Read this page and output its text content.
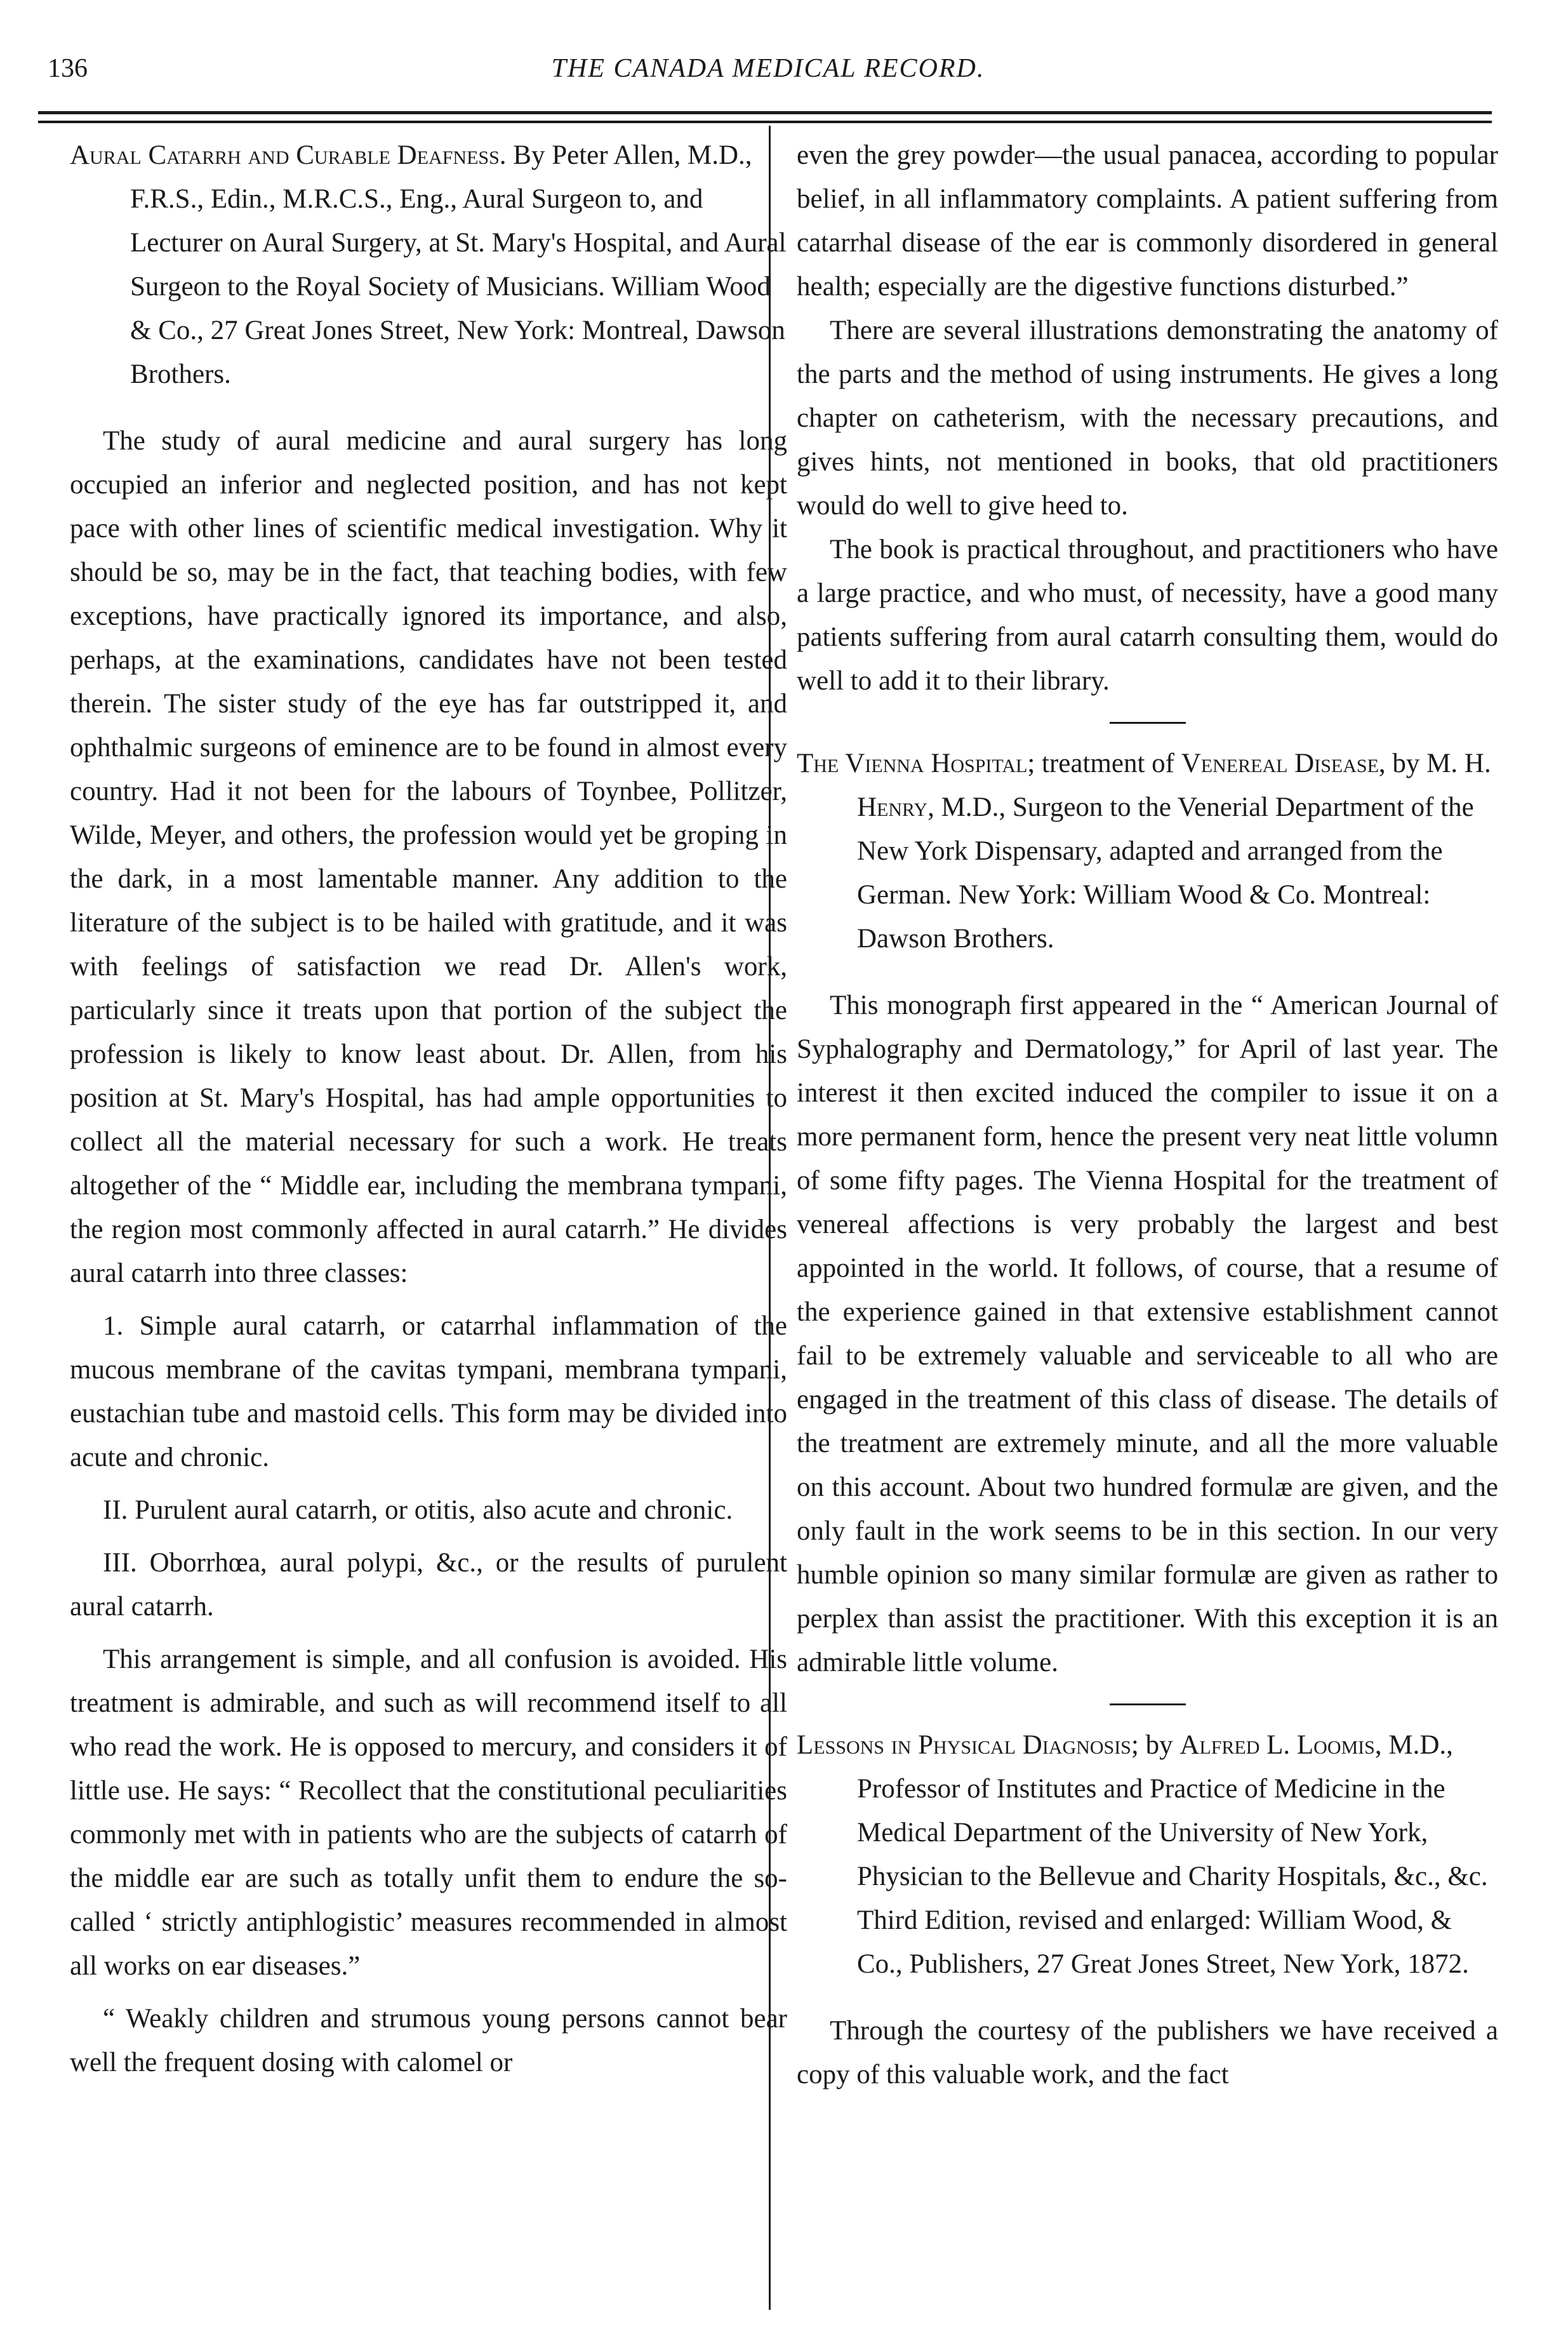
136	THE CANADA MEDICAL RECORD.

Aural Catarrh and Curable Deafness. By Peter Allen, M.D., F.R.S., Edin., M.R.C.S., Eng., Aural Surgeon to, and Lecturer on Aural Surgery, at St. Mary's Hospital, and Aural Surgeon to the Royal Society of Musicians. William Wood & Co., 27 Great Jones Street, New York: Montreal, Dawson Brothers.

The study of aural medicine and aural surgery has long occupied an inferior and neglected position, and has not kept pace with other lines of scientific medical investigation. Why it should be so, may be in the fact, that teaching bodies, with few exceptions, have practically ignored its importance, and also, perhaps, at the examinations, candidates have not been tested therein. The sister study of the eye has far outstripped it, and ophthalmic surgeons of eminence are to be found in almost every country. Had it not been for the labours of Toynbee, Pollitzer, Wilde, Meyer, and others, the profession would yet be groping in the dark, in a most lamentable manner. Any addition to the literature of the subject is to be hailed with gratitude, and it was with feelings of satisfaction we read Dr. Allen's work, particularly since it treats upon that portion of the subject the profession is likely to know least about. Dr. Allen, from his position at St. Mary's Hospital, has had ample opportunities to collect all the material necessary for such a work. He treats altogether of the “ Middle ear, including the membrana tympani, the region most commonly affected in aural catarrh.” He divides aural catarrh into three classes:

1. Simple aural catarrh, or catarrhal inflammation of the mucous membrane of the cavitas tympani, membrana tympani, eustachian tube and mastoid cells. This form may be divided into acute and chronic.

II. Purulent aural catarrh, or otitis, also acute and chronic.

III. Oborrhœa, aural polypi, &c., or the results of purulent aural catarrh.

This arrangement is simple, and all confusion is avoided. His treatment is admirable, and such as will recommend itself to all who read the work. He is opposed to mercury, and considers it of little use. He says: “ Recollect that the constitutional peculiarities commonly met with in patients who are the subjects of catarrh of the middle ear are such as totally unfit them to endure the so-called ‘ strictly antiphlogistic’ measures recommended in almost all works on ear diseases.”

“ Weakly children and strumous young persons cannot bear well the frequent dosing with calomel or

even the grey powder—the usual panacea, according to popular belief, in all inflammatory complaints. A patient suffering from catarrhal disease of the ear is commonly disordered in general health; especially are the digestive functions disturbed.”

There are several illustrations demonstrating the anatomy of the parts and the method of using instruments. He gives a long chapter on catheterism, with the necessary precautions, and gives hints, not mentioned in books, that old practitioners would do well to give heed to.

The book is practical throughout, and practitioners who have a large practice, and who must, of necessity, have a good many patients suffering from aural catarrh consulting them, would do well to add it to their library.

The Vienna Hospital; treatment of Venereal Disease, by M. H. Henry, M.D., Surgeon to the Venerial Department of the New York Dispensary, adapted and arranged from the German. New York: William Wood & Co. Montreal: Dawson Brothers.

This monograph first appeared in the “ American Journal of Syphalography and Dermatology,” for April of last year. The interest it then excited induced the compiler to issue it on a more permanent form, hence the present very neat little volumn of some fifty pages. The Vienna Hospital for the treatment of venereal affections is very probably the largest and best appointed in the world. It follows, of course, that a resume of the experience gained in that extensive establishment cannot fail to be extremely valuable and serviceable to all who are engaged in the treatment of this class of disease. The details of the treatment are extremely minute, and all the more valuable on this account. About two hundred formulæ are given, and the only fault in the work seems to be in this section. In our very humble opinion so many similar formulæ are given as rather to perplex than assist the practitioner. With this exception it is an admirable little volume.

Lessons in Physical Diagnosis; by Alfred L. Loomis, M.D., Professor of Institutes and Practice of Medicine in the Medical Department of the University of New York, Physician to the Bellevue and Charity Hospitals, &c., &c. Third Edition, revised and enlarged: William Wood, & Co., Publishers, 27 Great Jones Street, New York, 1872.

Through the courtesy of the publishers we have received a copy of this valuable work, and the fact
